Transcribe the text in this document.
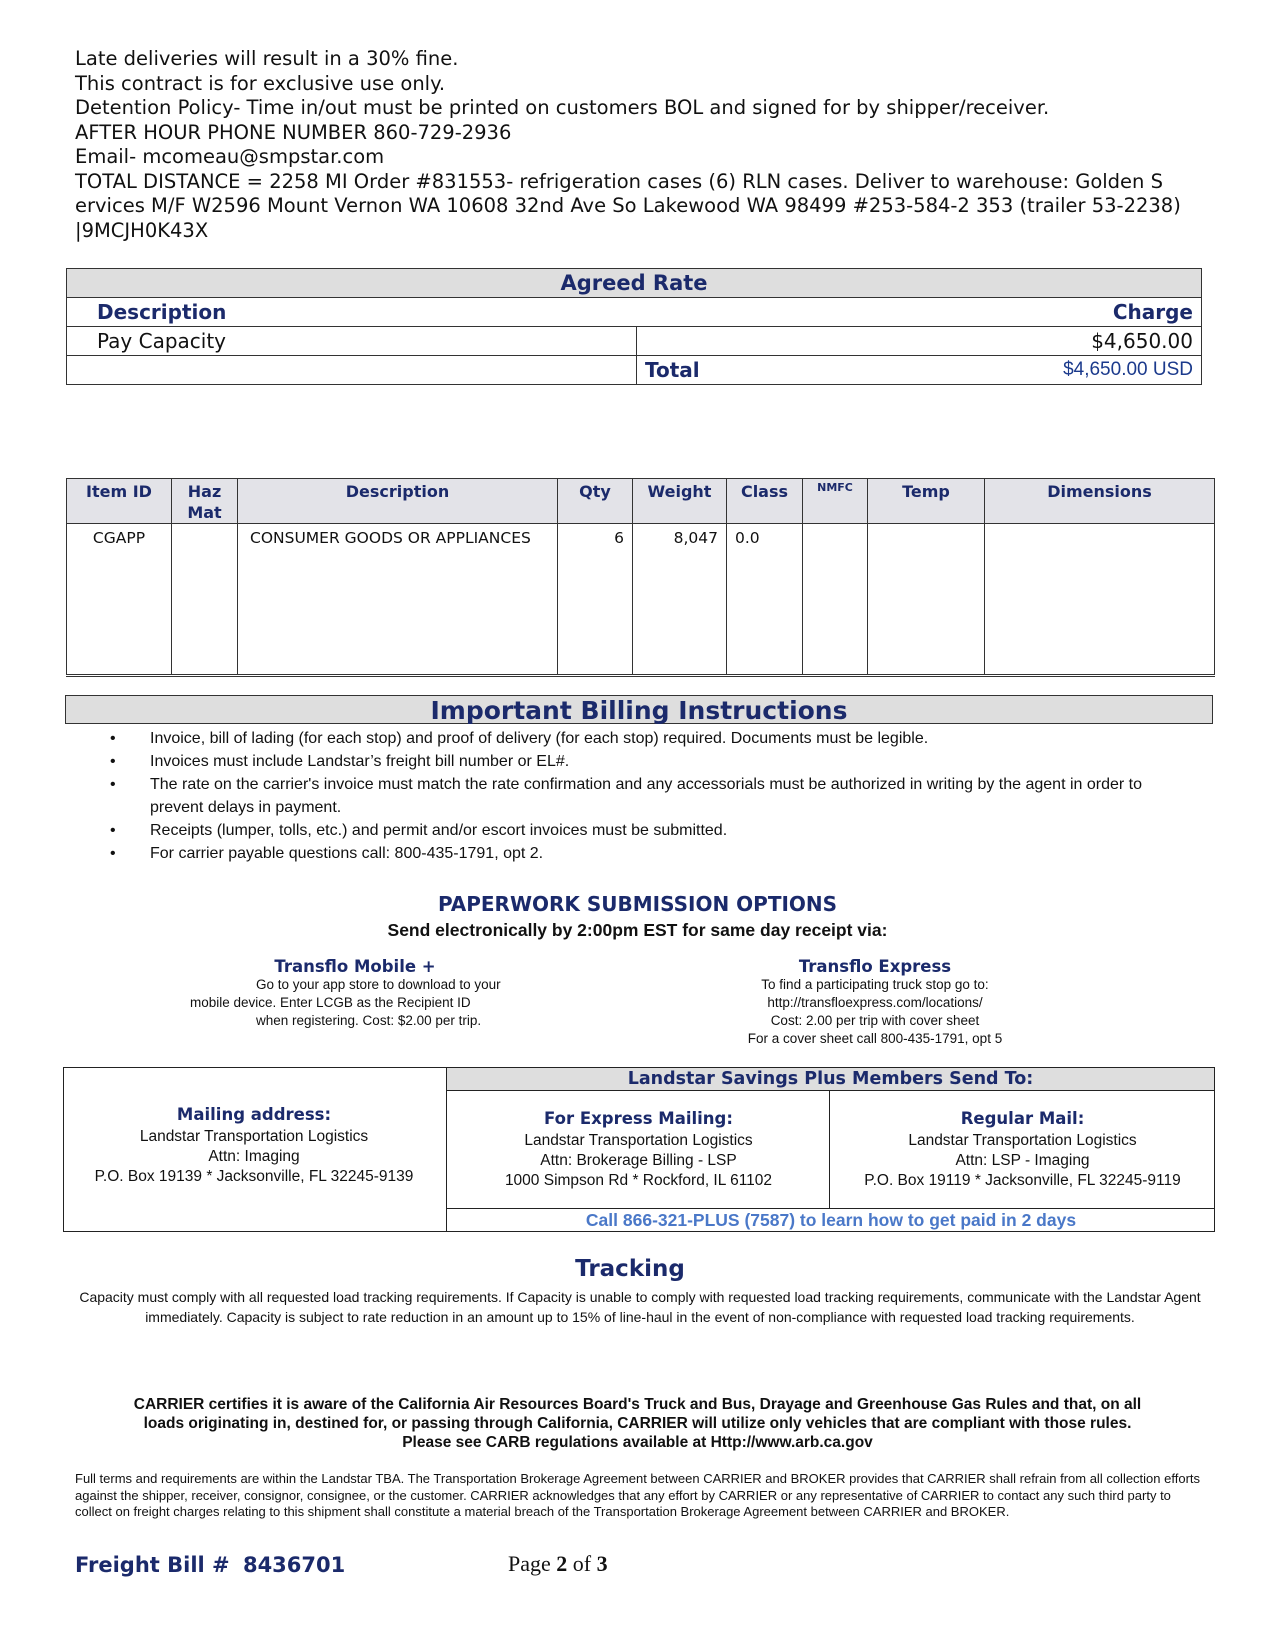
Late deliveries will result in a 30% fine.
This contract is for exclusive use only.
Detention Policy- Time in/out must be printed on customers BOL and signed for by shipper/receiver.
AFTER HOUR PHONE NUMBER 860-729-2936
Email- mcomeau@smpstar.com
TOTAL DISTANCE = 2258 MI Order #831553- refrigeration cases (6) RLN cases. Deliver to warehouse: Golden S ervices M/F W2596 Mount Vernon WA 10608 32nd Ave So Lakewood WA 98499 #253-584-2 353 (trailer 53-2238) |9MCJH0K43X
Agreed Rate	
Description	Charge
Pay Capacity	$4,650.00
	Total $4,650.00 USD
Item ID	Haz Mat	Description	Qty	Weight	Class	NMFC	Temp	Dimensions
CGAPP		CONSUMER GOODS OR APPLIANCES	6	8,047	0.0			
Important Billing Instructions
• Invoice, bill of lading (for each stop) and proof of delivery (for each stop) required. Documents must be legible.
• Invoices must include Landstar’s freight bill number or EL#.
• The rate on the carrier's invoice must match the rate confirmation and any accessorials must be authorized in writing by the agent in order to prevent delays in payment.
• Receipts (lumper, tolls, etc.) and permit and/or escort invoices must be submitted.
• For carrier payable questions call: 800-435-1791, opt 2.
PAPERWORK SUBMISSION OPTIONS
Send electronically by 2:00pm EST for same day receipt via:
Transflo Mobile +
Go to your app store to download to your
mobile device. Enter LCGB as the Recipient ID
when registering. Cost: $2.00 per trip.
Transflo Express
To find a participating truck stop go to:
http://transfloexpress.com/locations/
Cost: 2.00 per trip with cover sheet
For a cover sheet call 800-435-1791, opt 5
Mailing address:
Landstar Transportation Logistics
Attn: Imaging
P.O. Box 19139 * Jacksonville, FL 32245-9139
Landstar Savings Plus Members Send To:
For Express Mailing:
Landstar Transportation Logistics
Attn: Brokerage Billing - LSP
1000 Simpson Rd * Rockford, IL 61102
Regular Mail:
Landstar Transportation Logistics
Attn: LSP - Imaging
P.O. Box 19119 * Jacksonville, FL 32245-9119
Call 866-321-PLUS (7587) to learn how to get paid in 2 days
Tracking
Capacity must comply with all requested load tracking requirements. If Capacity is unable to comply with requested load tracking requirements, communicate with the Landstar Agent immediately. Capacity is subject to rate reduction in an amount up to 15% of line-haul in the event of non-compliance with requested load tracking requirements.
CARRIER certifies it is aware of the California Air Resources Board's Truck and Bus, Drayage and Greenhouse Gas Rules and that, on all
loads originating in, destined for, or passing through California, CARRIER will utilize only vehicles that are compliant with those rules.
Please see CARB regulations available at Http://www.arb.ca.gov
Full terms and requirements are within the Landstar TBA. The Transportation Brokerage Agreement between CARRIER and BROKER provides that CARRIER shall refrain from all collection efforts against the shipper, receiver, consignor, consignee, or the customer. CARRIER acknowledges that any effort by CARRIER or any representative of CARRIER to contact any such third party to collect on freight charges relating to this shipment shall constitute a material breach of the Transportation Brokerage Agreement between CARRIER and BROKER.
Freight Bill # 8436701	Page 2 of 3
